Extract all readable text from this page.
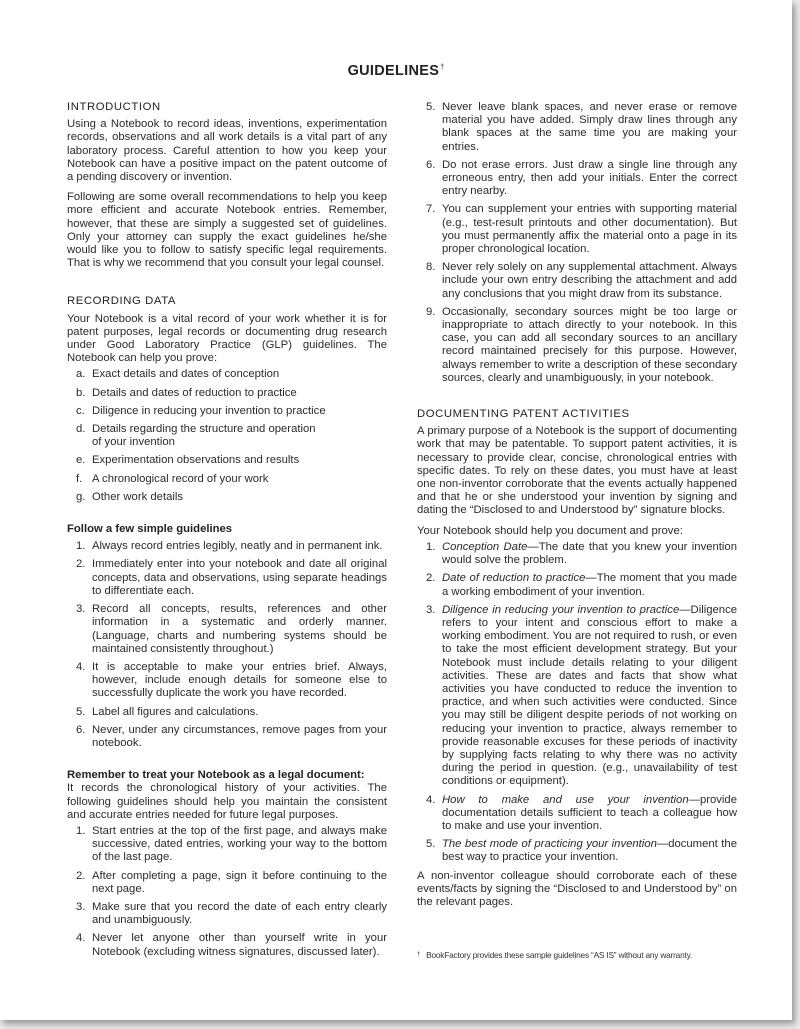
GUIDELINES†
INTRODUCTION

Using a Notebook to record ideas, inventions, experimentation records, observations and all work details is a vital part of any laboratory process. Careful attention to how you keep your Notebook can have a positive impact on the patent outcome of a pending discovery or invention.

Following are some overall recommendations to help you keep more efficient and accurate Notebook entries. Remember, however, that these are simply a suggested set of guidelines. Only your attorney can supply the exact guidelines he/she would like you to follow to satisfy specific legal requirements. That is why we recommend that you consult your legal counsel.

RECORDING DATA

Your Notebook is a vital record of your work whether it is for patent purposes, legal records or documenting drug research under Good Laboratory Practice (GLP) guidelines. The Notebook can help you prove:

a. Exact details and dates of conception
b. Details and dates of reduction to practice
c. Diligence in reducing your invention to practice
d. Details regarding the structure and operation of your invention
e. Experimentation observations and results
f. A chronological record of your work
g. Other work details
Follow a few simple guidelines
1. Always record entries legibly, neatly and in permanent ink.
2. Immediately enter into your notebook and date all original concepts, data and observations, using separate headings to differentiate each.
3. Record all concepts, results, references and other information in a systematic and orderly manner. (Language, charts and numbering systems should be maintained consistently throughout.)
4. It is acceptable to make your entries brief. Always, however, include enough details for someone else to successfully duplicate the work you have recorded.
5. Label all figures and calculations.
6. Never, under any circumstances, remove pages from your notebook.
Remember to treat your Notebook as a legal document:

It records the chronological history of your activities. The following guidelines should help you maintain the consistent and accurate entries needed for future legal purposes.

1. Start entries at the top of the first page, and always make successive, dated entries, working your way to the bottom of the last page.
2. After completing a page, sign it before continuing to the next page.
3. Make sure that you record the date of each entry clearly and unambiguously.
4. Never let anyone other than yourself write in your Notebook (excluding witness signatures, discussed later).
5. Never leave blank spaces, and never erase or remove material you have added. Simply draw lines through any blank spaces at the same time you are making your entries.
6. Do not erase errors. Just draw a single line through any erroneous entry, then add your initials. Enter the correct entry nearby.
7. You can supplement your entries with supporting material (e.g., test-result printouts and other documentation). But you must permanently affix the material onto a page in its proper chronological location.
8. Never rely solely on any supplemental attachment. Always include your own entry describing the attachment and add any conclusions that you might draw from its substance.
9. Occasionally, secondary sources might be too large or inappropriate to attach directly to your notebook. In this case, you can add all secondary sources to an ancillary record maintained precisely for this purpose. However, always remember to write a description of these secondary sources, clearly and unambiguously, in your notebook.
DOCUMENTING PATENT ACTIVITIES

A primary purpose of a Notebook is the support of documenting work that may be patentable. To support patent activities, it is necessary to provide clear, concise, chronological entries with specific dates. To rely on these dates, you must have at least one non-inventor corroborate that the events actually happened and that he or she understood your invention by signing and dating the “Disclosed to and Understood by” signature blocks.

Your Notebook should help you document and prove:

1. Conception Date—The date that you knew your invention would solve the problem.
2. Date of reduction to practice—The moment that you made a working embodiment of your invention.
3. Diligence in reducing your invention to practice—Diligence refers to your intent and conscious effort to make a working embodiment. You are not required to rush, or even to take the most efficient development strategy. But your Notebook must include details relating to your diligent activities. These are dates and facts that show what activities you have conducted to reduce the invention to practice, and when such activities were conducted. Since you may still be diligent despite periods of not working on reducing your invention to practice, always remember to provide reasonable excuses for these periods of inactivity by supplying facts relating to why there was no activity during the period in question. (e.g., unavailability of test conditions or equipment).
4. How to make and use your invention—provide documentation details sufficient to teach a colleague how to make and use your invention.
5. The best mode of practicing your invention—document the best way to practice your invention.

A non-inventor colleague should corroborate each of these events/facts by signing the “Disclosed to and Understood by” on the relevant pages.

† BookFactory provides these sample guidelines “AS IS” without any warranty.
